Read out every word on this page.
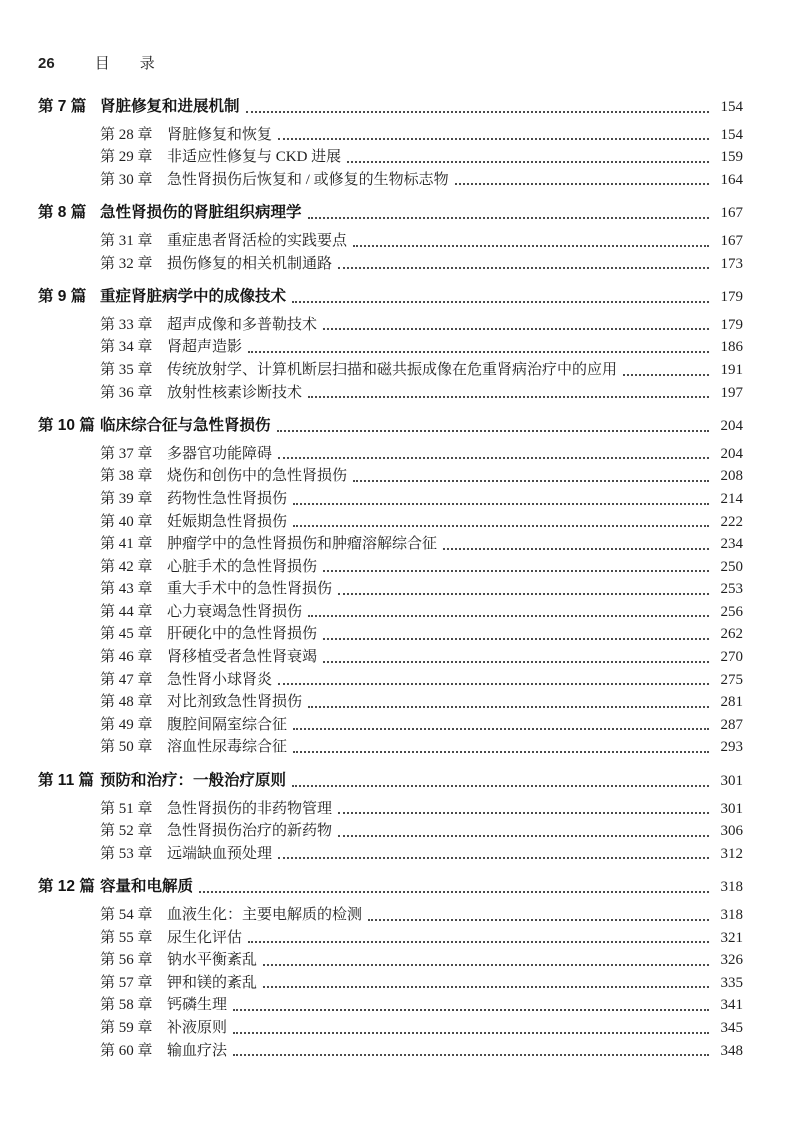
26	目录
第 7 篇 肾脏修复和进展机制	154
第 28 章 肾脏修复和恢复	154
第 29 章 非适应性修复与 CKD 进展	159
第 30 章 急性肾损伤后恢复和 / 或修复的生物标志物	164
第 8 篇 急性肾损伤的肾脏组织病理学	167
第 31 章 重症患者肾活检的实践要点	167
第 32 章 损伤修复的相关机制通路	173
第 9 篇 重症肾脏病学中的成像技术	179
第 33 章 超声成像和多普勒技术	179
第 34 章 肾超声造影	186
第 35 章 传统放射学、计算机断层扫描和磁共振成像在危重肾病治疗中的应用	191
第 36 章 放射性核素诊断技术	197
第 10 篇 临床综合征与急性肾损伤	204
第 37 章 多器官功能障碍	204
第 38 章 烧伤和创伤中的急性肾损伤	208
第 39 章 药物性急性肾损伤	214
第 40 章 妊娠期急性肾损伤	222
第 41 章 肿瘤学中的急性肾损伤和肿瘤溶解综合征	234
第 42 章 心脏手术的急性肾损伤	250
第 43 章 重大手术中的急性肾损伤	253
第 44 章 心力衰竭急性肾损伤	256
第 45 章 肝硬化中的急性肾损伤	262
第 46 章 肾移植受者急性肾衰竭	270
第 47 章 急性肾小球肾炎	275
第 48 章 对比剂致急性肾损伤	281
第 49 章 腹腔间隔室综合征	287
第 50 章 溶血性尿毒综合征	293
第 11 篇 预防和治疗：一般治疗原则	301
第 51 章 急性肾损伤的非药物管理	301
第 52 章 急性肾损伤治疗的新药物	306
第 53 章 远端缺血预处理	312
第 12 篇 容量和电解质	318
第 54 章 血液生化：主要电解质的检测	318
第 55 章 尿生化评估	321
第 56 章 钠水平衡紊乱	326
第 57 章 钾和镁的紊乱	335
第 58 章 钙磷生理	341
第 59 章 补液原则	345
第 60 章 输血疗法	348
